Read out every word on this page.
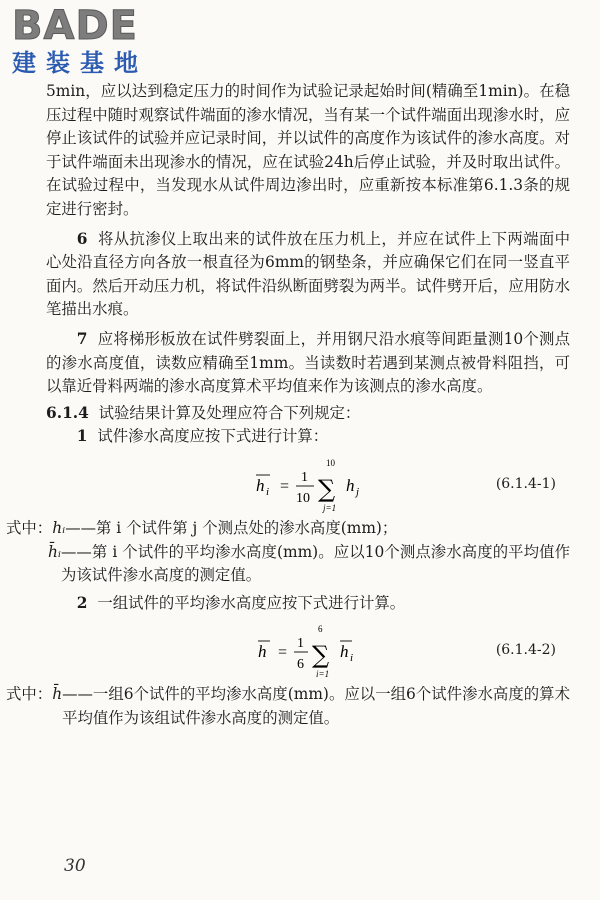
BADE
建装基地

5min，应以达到稳定压力的时间作为试验记录起始时间(精确至1min)。在稳压过程中随时观察试件端面的渗水情况，当有某一个试件端面出现渗水时，应停止该试件的试验并应记录时间，并以试件的高度作为该试件的渗水高度。对于试件端面未出现渗水的情况，应在试验24h后停止试验，并及时取出试件。在试验过程中，当发现水从试件周边渗出时，应重新按本标准第6.1.3条的规定进行密封。

6 将从抗渗仪上取出来的试件放在压力机上，并应在试件上下两端面中心处沿直径方向各放一根直径为6mm的钢垫条，并应确保它们在同一竖直平面内。然后开动压力机，将试件沿纵断面劈裂为两半。试件劈开后，应用防水笔描出水痕。

7 应将梯形板放在试件劈裂面上，并用钢尺沿水痕等间距量测10个测点的渗水高度值，读数应精确至1mm。当读数时若遇到某测点被骨料阻挡，可以靠近骨料两端的渗水高度算术平均值来作为该测点的渗水高度。

6.1.4 试验结果计算及处理应符合下列规定：

1 试件渗水高度应按下式进行计算：

h i =
1
10
10
∑
j=1
h j	(6.1.4-1)
式中： hᵢ ——第 i 个试件第 j 个测点处的渗水高度(mm)；
h̄ᵢ ——第 i 个试件的平均渗水高度(mm)。应以10个测点渗水高度的平均值作为该试件渗水高度的测定值。

2 一组试件的平均渗水高度应按下式进行计算。

h =
1
6
6
∑
i=1
h i	(6.1.4-2)
式中： h̄ ——一组6个试件的平均渗水高度(mm)。应以一组6个试件渗水高度的算术平均值作为该组试件渗水高度的测定值。
30
